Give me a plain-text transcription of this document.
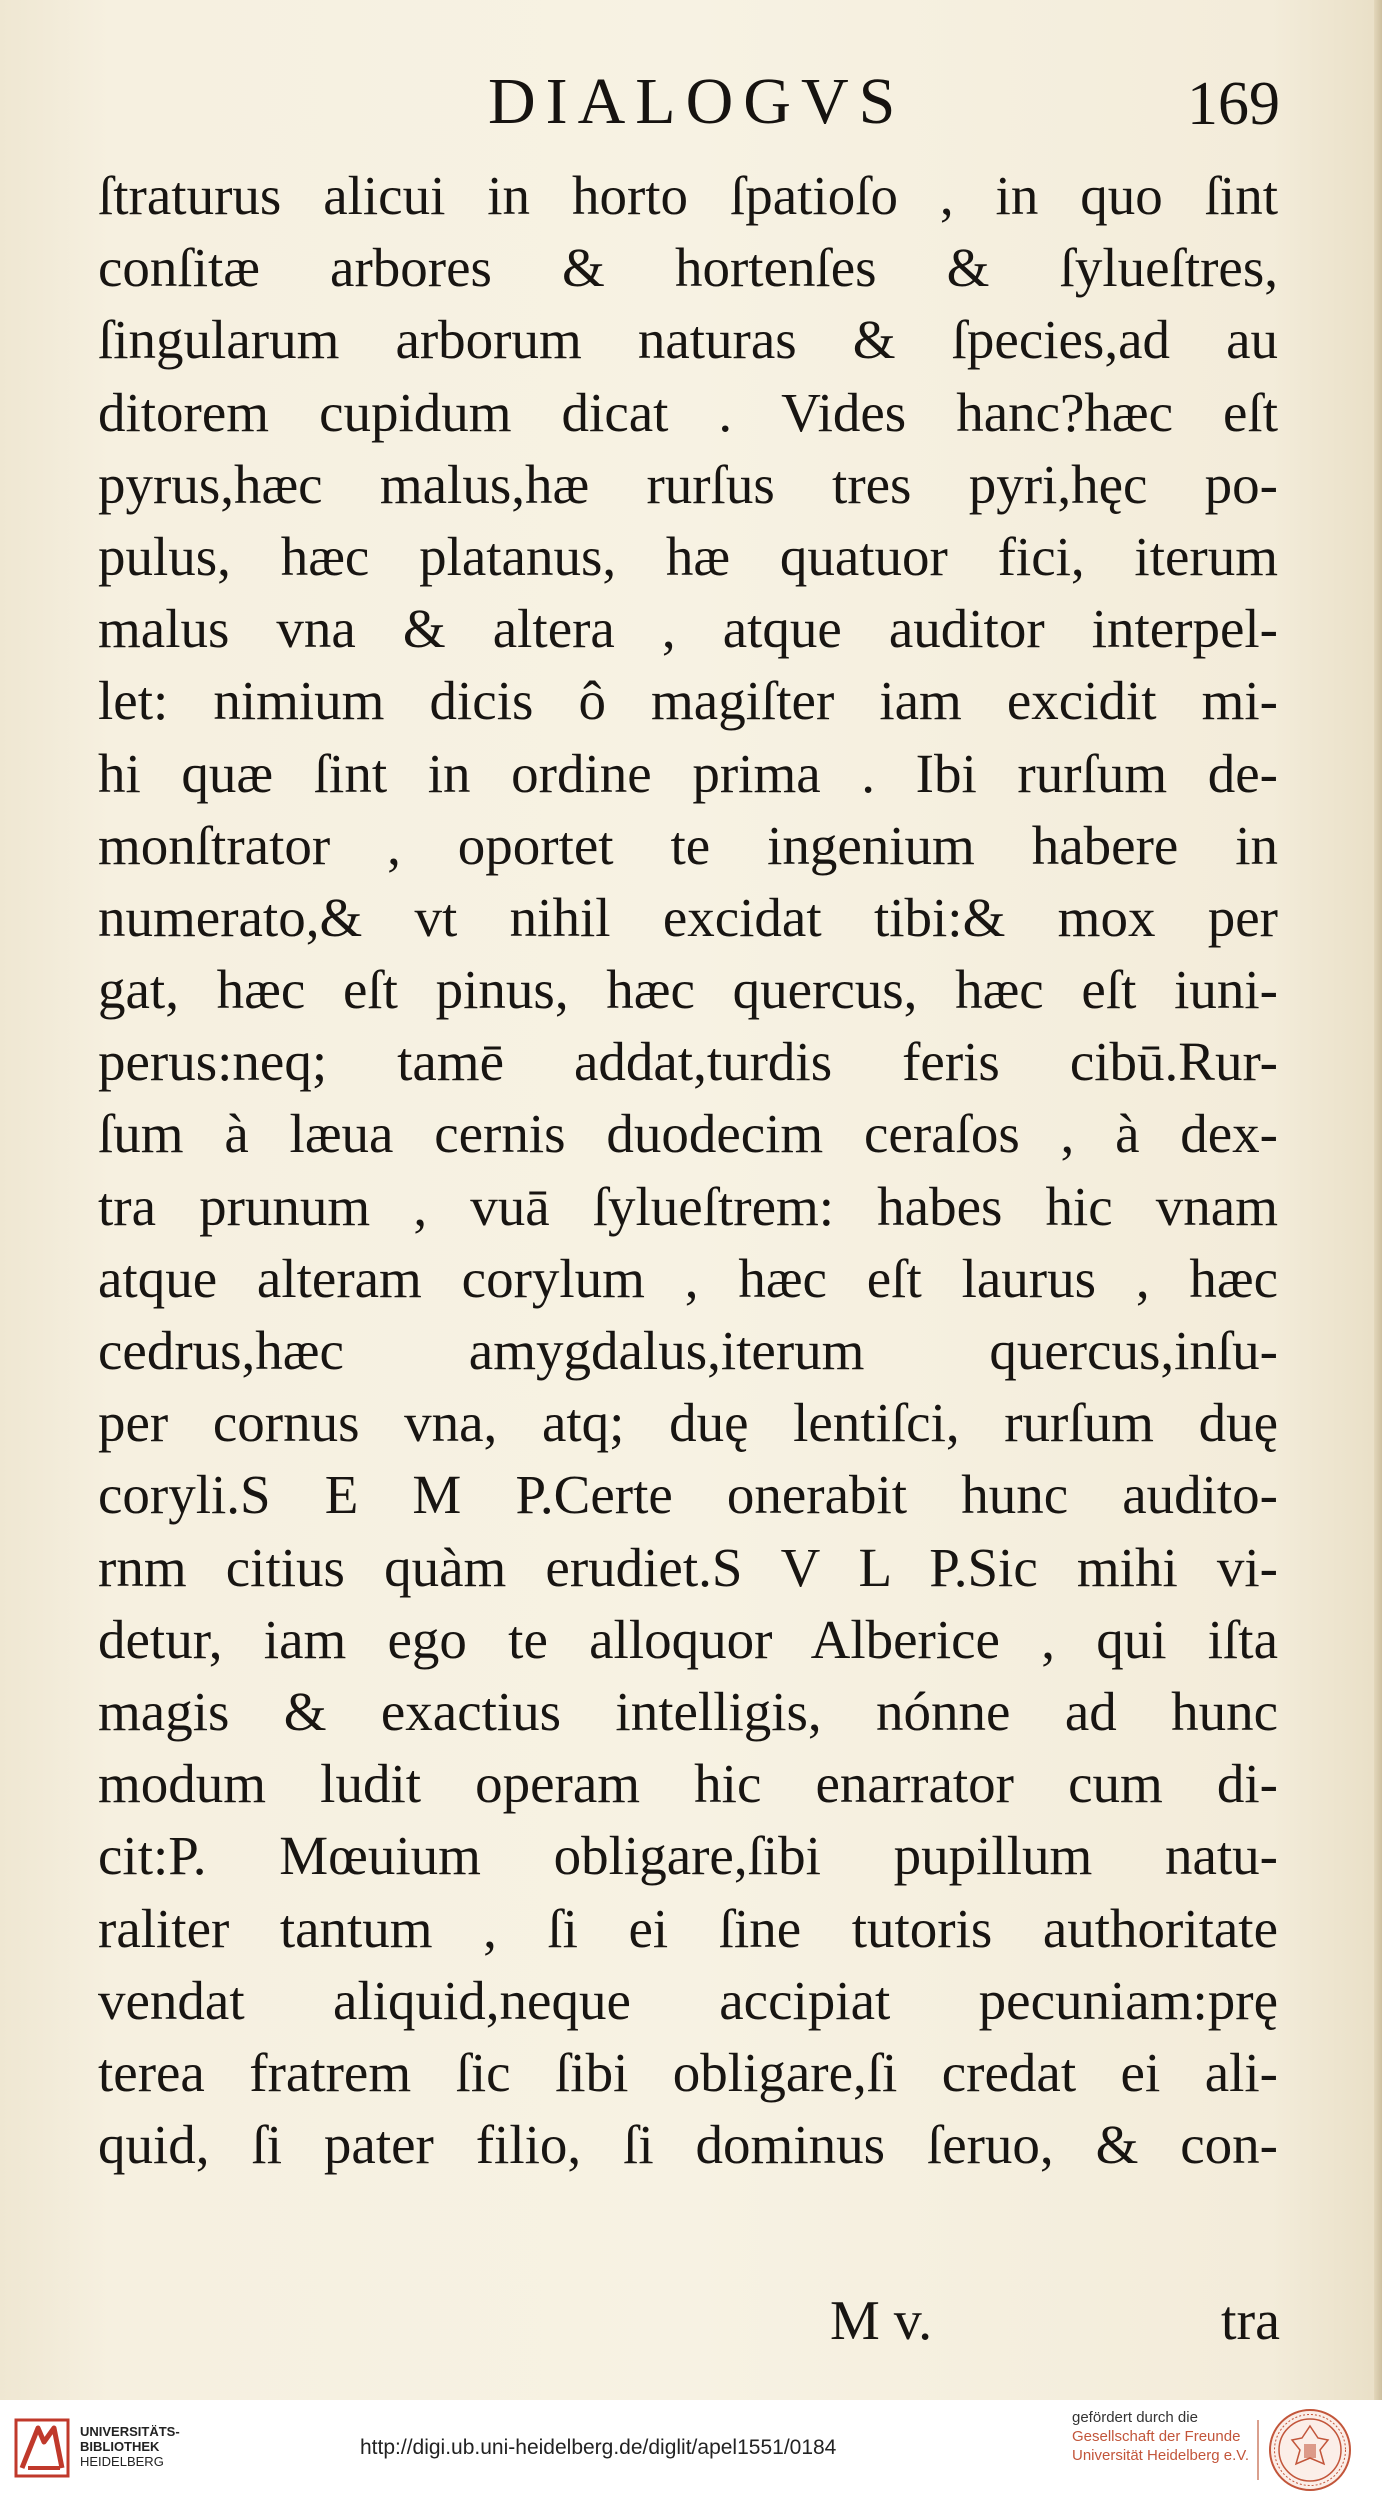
DIALOGVS	169
ſtraturus alicui in horto ſpatioſo , in quo ſint
conſitæ arbores & hortenſes & ſylueſtres,
ſingularum arborum naturas & ſpecies,ad au
ditorem cupidum dicat . Vides hanc?hæc eſt
pyrus,hæc malus,hæ rurſus tres pyri,hęc po-
pulus, hæc platanus, hæ quatuor fici, iterum
malus vna & altera , atque auditor interpel-
let: nimium dicis ô magiſter iam excidit mi-
hi quæ ſint in ordine prima . Ibi rurſum de-
monſtrator , oportet te ingenium habere in
numerato,& vt nihil excidat tibi:& mox per
gat, hæc eſt pinus, hæc quercus, hæc eſt iuni-
perus:neq; tamē addat,turdis feris cibū.Rur-
ſum à læua cernis duodecim ceraſos , à dex-
tra prunum , vuā ſylueſtrem: habes hic vnam
atque alteram corylum , hæc eſt laurus , hæc
cedrus,hæc amygdalus,iterum quercus,inſu-
per cornus vna, atq; duę lentiſci, rurſum duę
coryli.S E M P.Certe onerabit hunc audito-
rnm citius quàm erudiet.S V L P.Sic mihi vi-
detur, iam ego te alloquor Alberice , qui iſta
magis & exactius intelligis, nónne ad hunc
modum ludit operam hic enarrator cum di-
cit:P. Mœuium obligare,ſibi pupillum natu-
raliter tantum , ſi ei ſine tutoris authoritate
vendat aliquid,neque accipiat pecuniam:prę
terea fratrem ſic ſibi obligare,ſi credat ei ali-
quid, ſi pater filio, ſi dominus ſeruo, & con-
M v.	tra
UNIVERSITÄTS-
BIBLIOTHEK
HEIDELBERG
http://digi.ub.uni-heidelberg.de/diglit/apel1551/0184
gefördert durch die
Gesellschaft der Freunde
Universität Heidelberg e.V.
